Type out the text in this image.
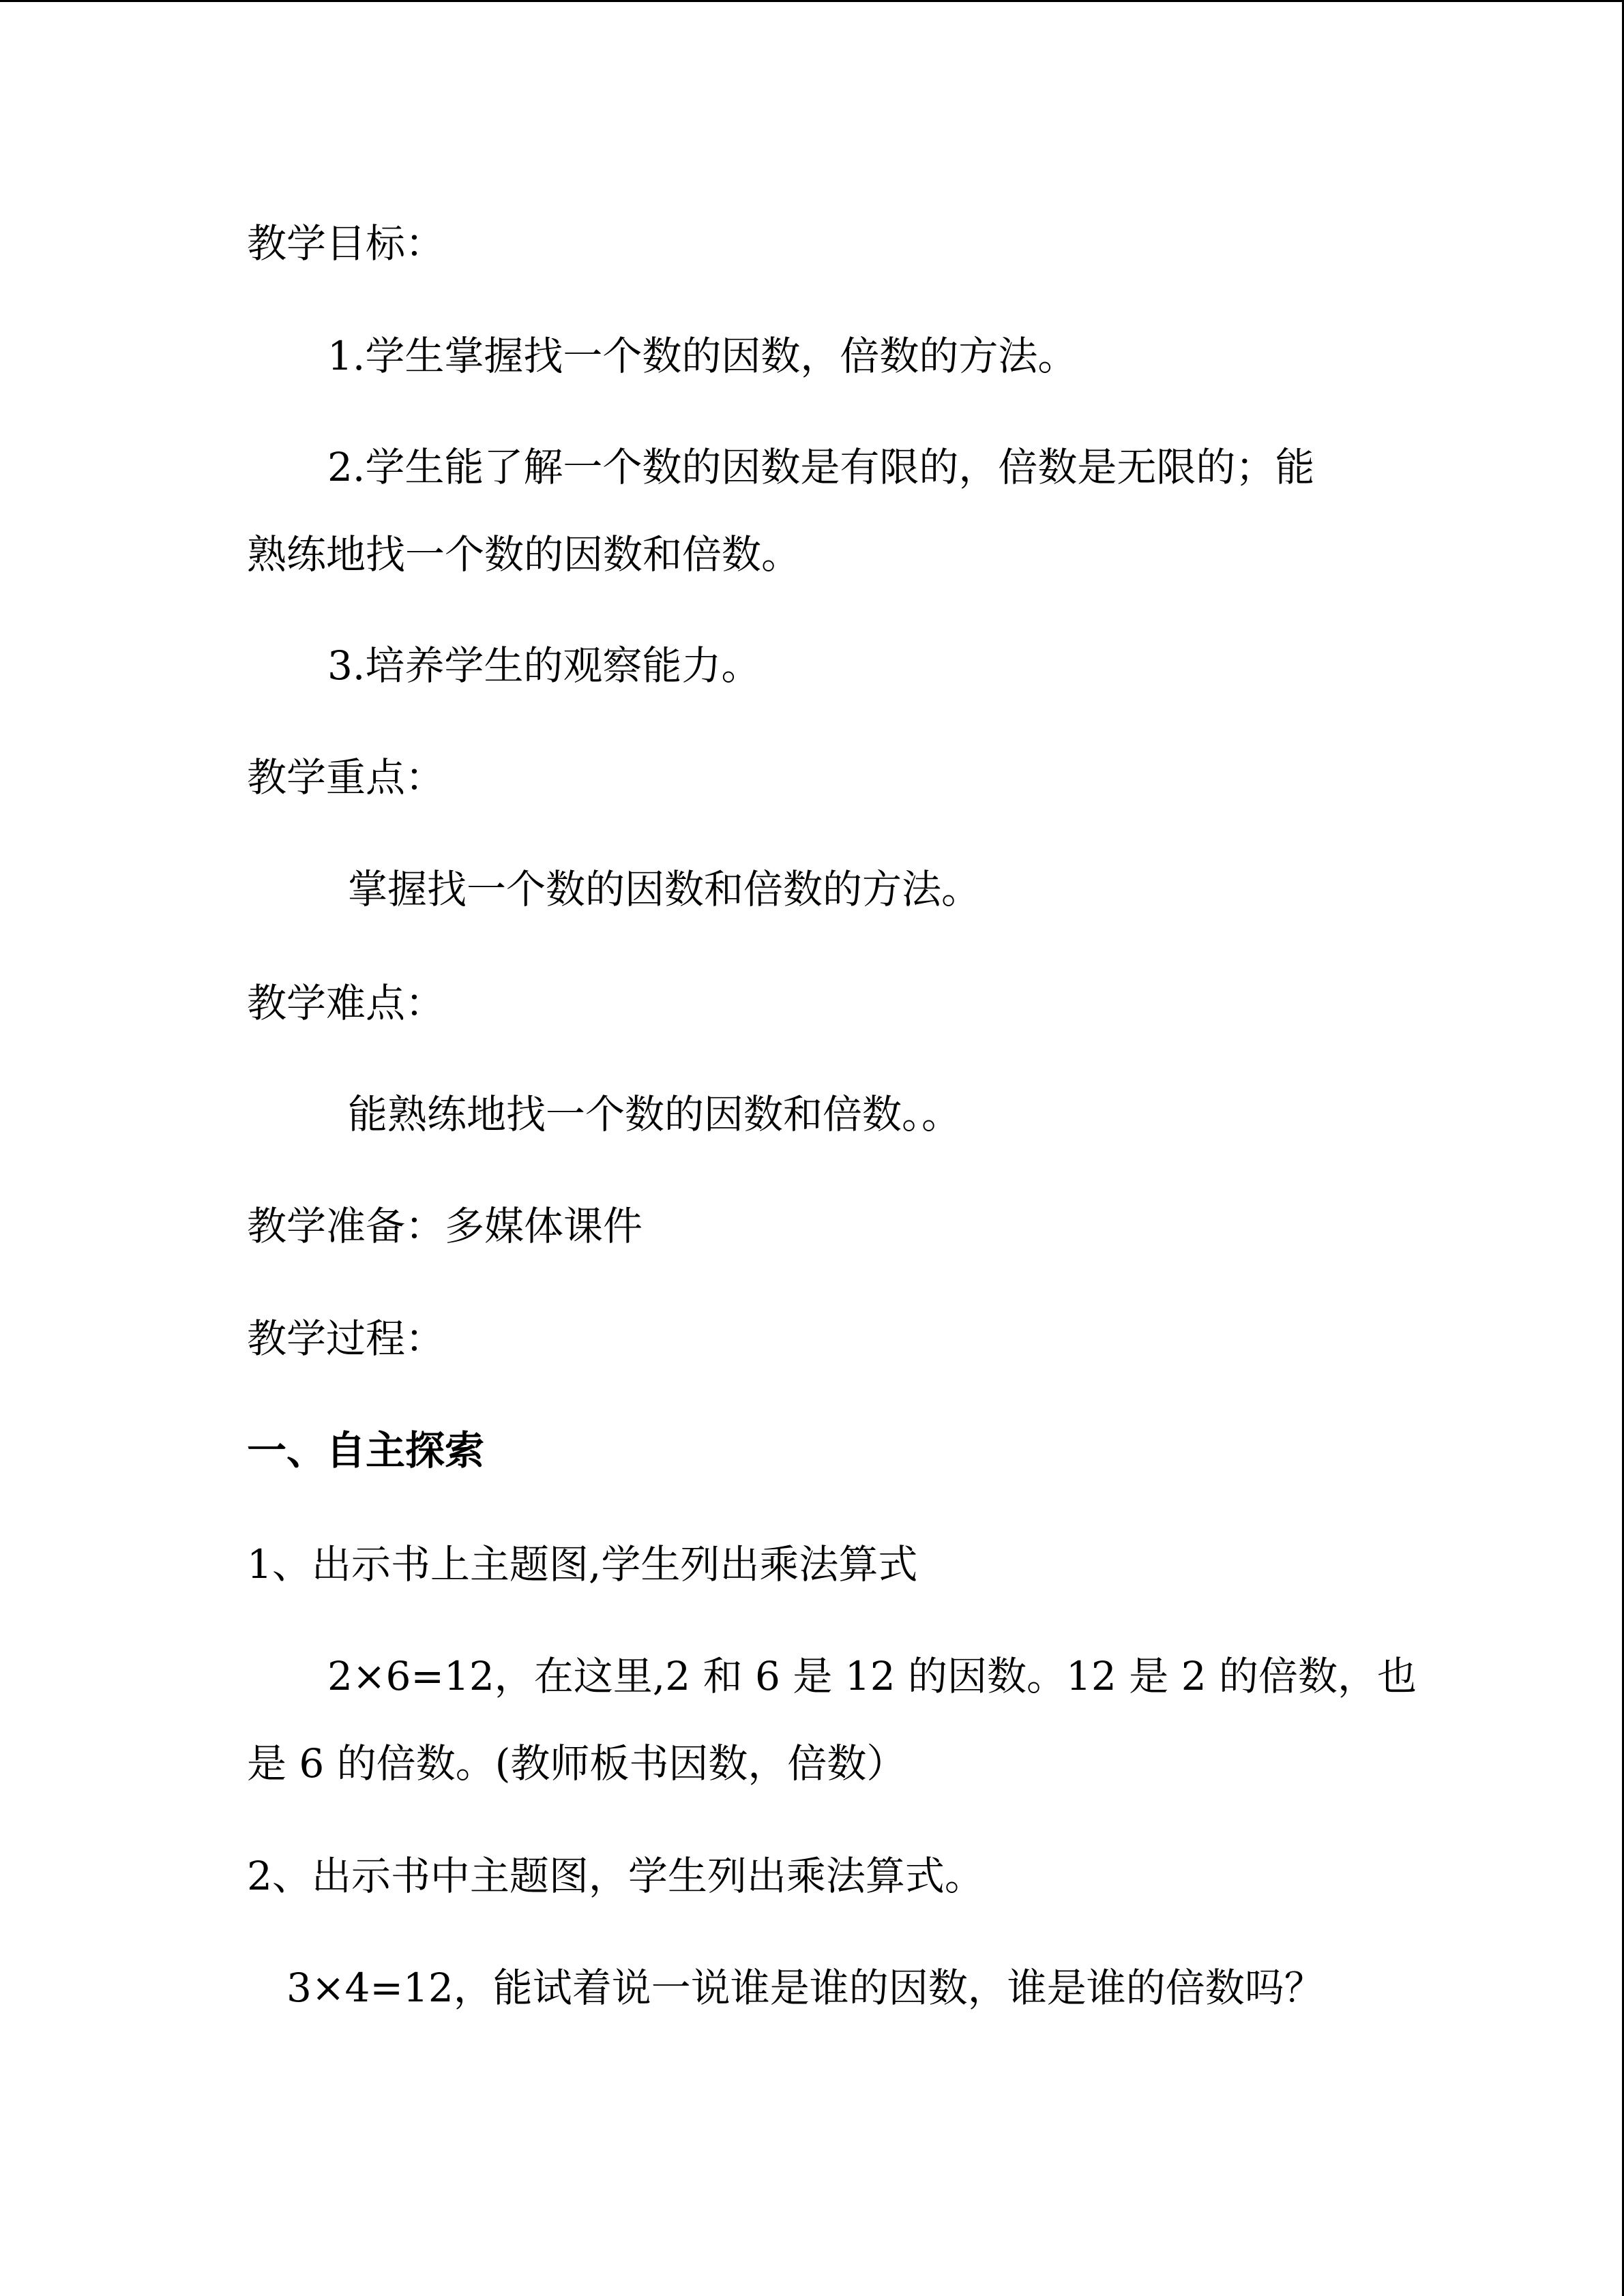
教学目标：
1.学生掌握找一个数的因数，倍数的方法。
2.学生能了解一个数的因数是有限的，倍数是无限的；能
熟练地找一个数的因数和倍数。
3.培养学生的观察能力。
教学重点：
掌握找一个数的因数和倍数的方法。
教学难点：
能熟练地找一个数的因数和倍数。。
教学准备：多媒体课件
教学过程：
一、自主探索
1、出示书上主题图,学生列出乘法算式
2×6=12，在这里,2 和 6 是 12 的因数。12 是 2 的倍数，也
是 6 的倍数。(教师板书因数，倍数）
2、出示书中主题图，学生列出乘法算式。
3×4=12，能试着说一说谁是谁的因数，谁是谁的倍数吗？
